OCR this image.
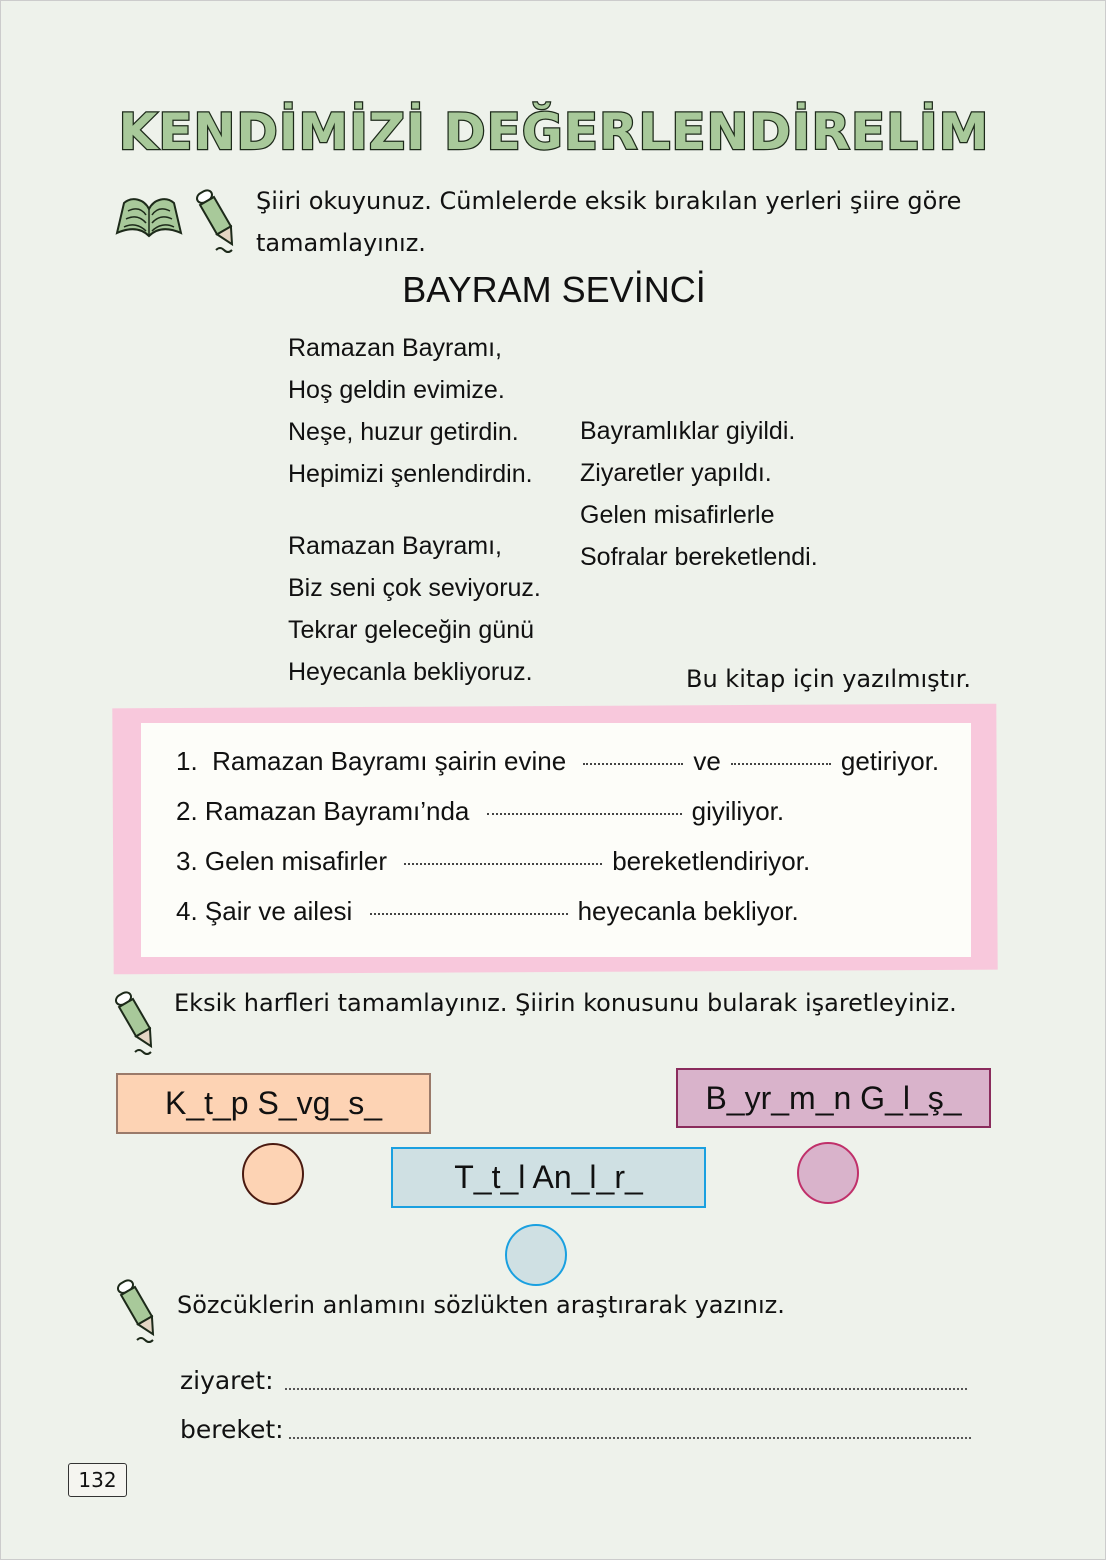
KENDİMİZİ DEĞERLENDİRELİM
Şiiri okuyunuz. Cümlelerde eksik bırakılan yerleri şiire göre
tamamlayınız.
BAYRAM SEVİNCİ
Ramazan Bayramı,
Hoş geldin evimize.
Neşe, huzur getirdin.
Hepimizi şenlendirdin.
Bayramlıklar giyildi.
Ziyaretler yapıldı.
Gelen misafirlerle
Sofralar bereketlendi.
Ramazan Bayramı,
Biz seni çok seviyoruz.
Tekrar geleceğin günü
Heyecanla bekliyoruz.	Bu kitap için yazılmıştır.
1. Ramazan Bayramı şairin evine	ve	getiriyor.
2. Ramazan Bayramı’nda	giyiliyor.
3. Gelen misafirler	bereketlendiriyor.
4. Şair ve ailesi	heyecanla bekliyor.
Eksik harfleri tamamlayınız. Şiirin konusunu bularak işaretleyiniz.
K_t_p S_vg_s_
T_t_l An_l_r_
B_yr_m_n G_l_ş_
Sözcüklerin anlamını sözlükten araştırarak yazınız.
ziyaret:
bereket:
132
